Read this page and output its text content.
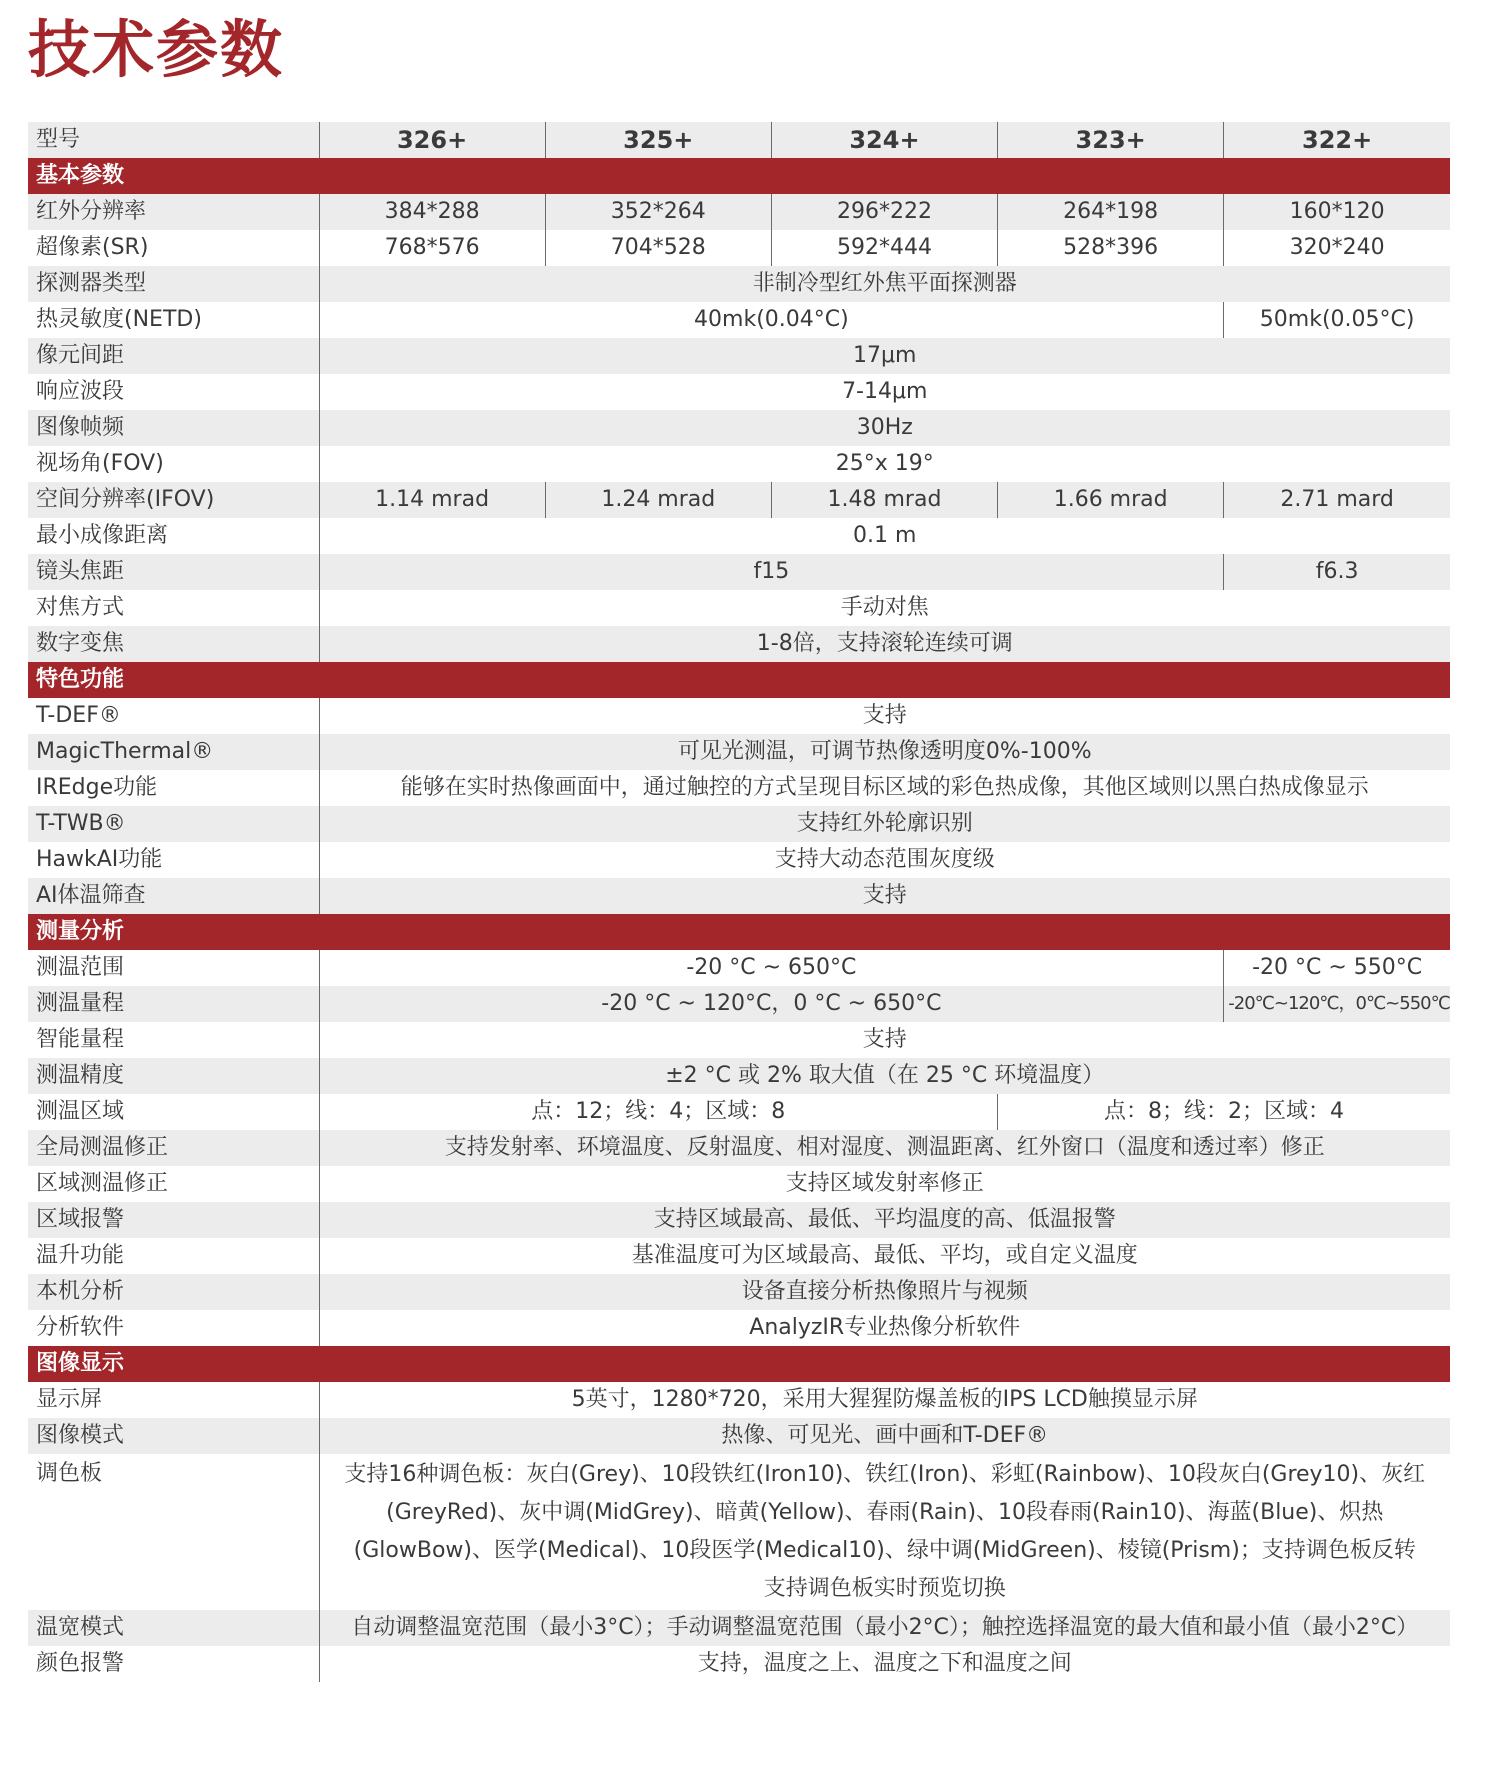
技术参数
型号	326+	325+	324+	323+	322+
基本参数					
红外分辨率	384*288	352*264	296*222	264*198	160*120
超像素(SR)	768*576	704*528	592*444	528*396	320*240
探测器类型	非制冷型红外焦平面探测器				
热灵敏度(NETD)	40mk(0.04°C)				50mk(0.05°C)
像元间距	17μm				
响应波段	7-14μm				
图像帧频	30Hz				
视场角(FOV)	25°x 19°				
空间分辨率(IFOV)	1.14 mrad	1.24 mrad	1.48 mrad	1.66 mrad	2.71 mard
最小成像距离	0.1 m				
镜头焦距	f15				f6.3
对焦方式	手动对焦				
数字变焦	1-8倍，支持滚轮连续可调				
特色功能					
T-DEF®	支持				
MagicThermal®	可见光测温，可调节热像透明度0%-100%				
IREdge功能	能够在实时热像画面中，通过触控的方式呈现目标区域的彩色热成像，其他区域则以黑白热成像显示				
T-TWB®	支持红外轮廓识别				
HawkAI功能	支持大动态范围灰度级				
AI体温筛查	支持				
测量分析					
测温范围	-20 °C ~ 650°C				-20 °C ~ 550°C
测温量程	-20 °C ~ 120°C，0 °C ~ 650°C				-20℃~120℃，0℃~550℃
智能量程	支持				
测温精度	±2 °C 或 2% 取大值（在 25 °C 环境温度）				
测温区域	点：12；线：4；区域：8			点：8；线：2；区域：4	
全局测温修正	支持发射率、环境温度、反射温度、相对湿度、测温距离、红外窗口（温度和透过率）修正				
区域测温修正	支持区域发射率修正				
区域报警	支持区域最高、最低、平均温度的高、低温报警				
温升功能	基准温度可为区域最高、最低、平均，或自定义温度				
本机分析	设备直接分析热像照片与视频				
分析软件	AnalyzIR专业热像分析软件				
图像显示					
显示屏	5英寸，1280*720，采用大猩猩防爆盖板的IPS LCD触摸显示屏				
图像模式	热像、可见光、画中画和T-DEF®				
调色板	支持16种调色板：灰白(Grey)、10段铁红(Iron10)、铁红(Iron)、彩虹(Rainbow)、10段灰白(Grey10)、灰红(GreyRed)、灰中调(MidGrey)、暗黄(Yellow)、春雨(Rain)、10段春雨(Rain10)、海蓝(Blue)、炽热(GlowBow)、医学(Medical)、10段医学(Medical10)、绿中调(MidGreen)、棱镜(Prism)；支持调色板反转
支持调色板实时预览切换				

温宽模式	自动调整温宽范围（最小3°C）；手动调整温宽范围（最小2°C）；触控选择温宽的最大值和最小值（最小2°C）				
颜色报警	支持，温度之上、温度之下和温度之间				
